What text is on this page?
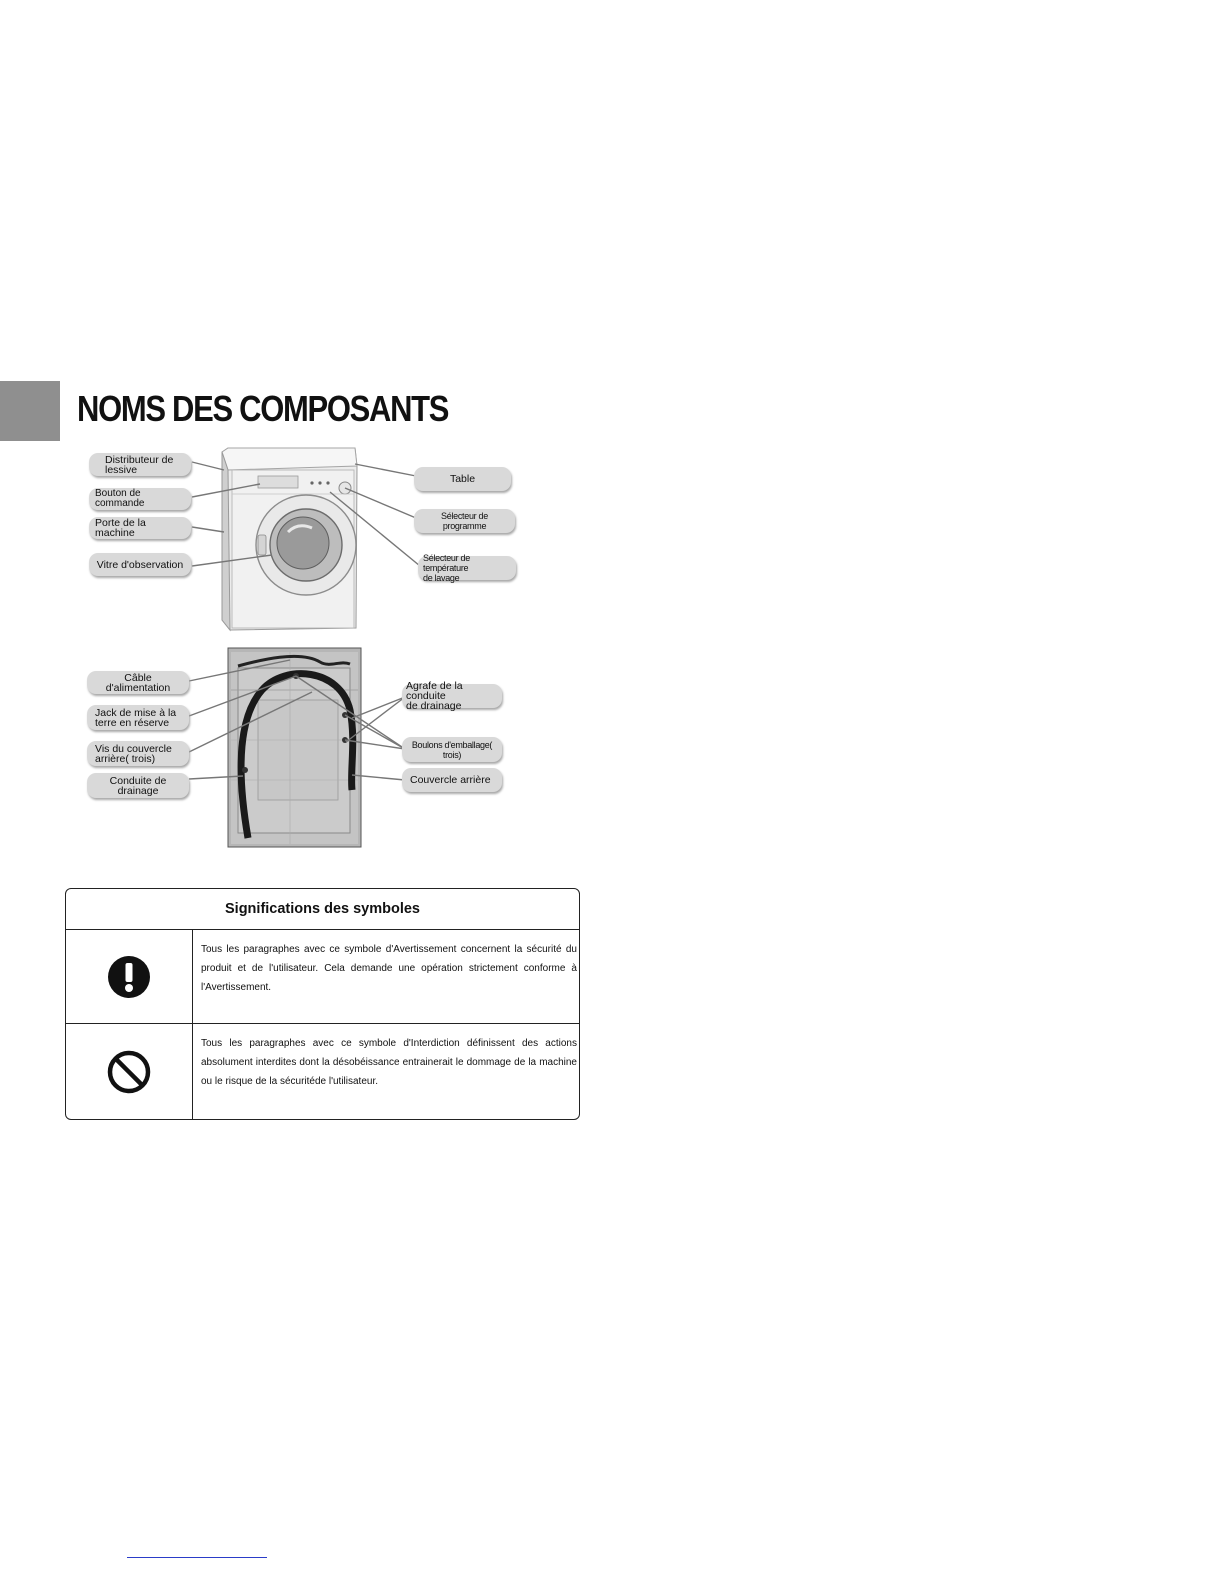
NOMS DES COMPOSANTS
Distributeur de
lessive
Bouton de commande
Porte de la machine
Vitre d'observation
Table
Sélecteur de programme
Sélecteur de température
de lavage
Câble d'alimentation
Jack de mise à la
terre en réserve
Vis du couvercle
arrière( trois)
Conduite de drainage
Agrafe de la conduite
de drainage
Boulons d'emballage( trois)
Couvercle arrière
Significations des symboles
Tous les paragraphes avec ce symbole d'Avertissement concernent la sécurité du produit et de l'utilisateur. Cela demande une opération strictement conforme à l'Avertissement.
Tous les paragraphes avec ce symbole d'Interdiction définissent des actions absolument interdites dont la désobéissance entrainerait le dommage de la machine ou le risque de la sécuritéde l'utilisateur.
